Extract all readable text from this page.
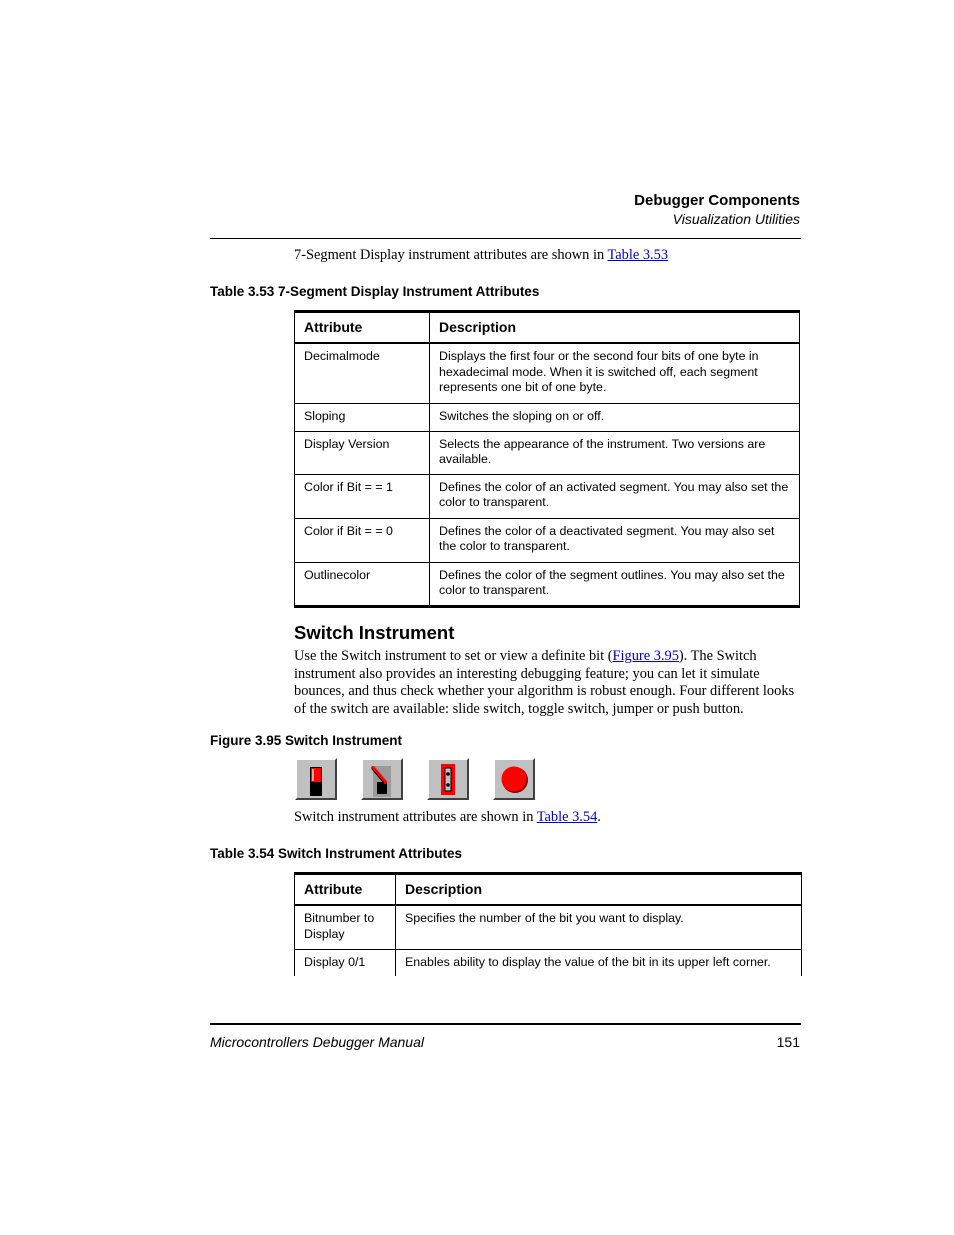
Debugger Components
Visualization Utilities
7-Segment Display instrument attributes are shown in Table 3.53
Table 3.53 7-Segment Display Instrument Attributes
Attribute	Description
Decimalmode	Displays the first four or the second four bits of one byte in hexadecimal mode. When it is switched off, each segment represents one bit of one byte.
Sloping	Switches the sloping on or off.
Display Version	Selects the appearance of the instrument. Two versions are available.
Color if Bit = = 1	Defines the color of an activated segment. You may also set the color to transparent.
Color if Bit = = 0	Defines the color of a deactivated segment. You may also set the color to transparent.
Outlinecolor	Defines the color of the segment outlines. You may also set the color to transparent.
Switch Instrument
Use the Switch instrument to set or view a definite bit (Figure 3.95). The Switch instrument also provides an interesting debugging feature; you can let it simulate bounces, and thus check whether your algorithm is robust enough. Four different looks of the switch are available: slide switch, toggle switch, jumper or push button.
Figure 3.95 Switch Instrument
Switch instrument attributes are shown in Table 3.54.
Table 3.54 Switch Instrument Attributes
Attribute	Description
Bitnumber to Display	Specifies the number of the bit you want to display.
Display 0/1	Enables ability to display the value of the bit in its upper left corner.
Microcontrollers Debugger Manual	151
